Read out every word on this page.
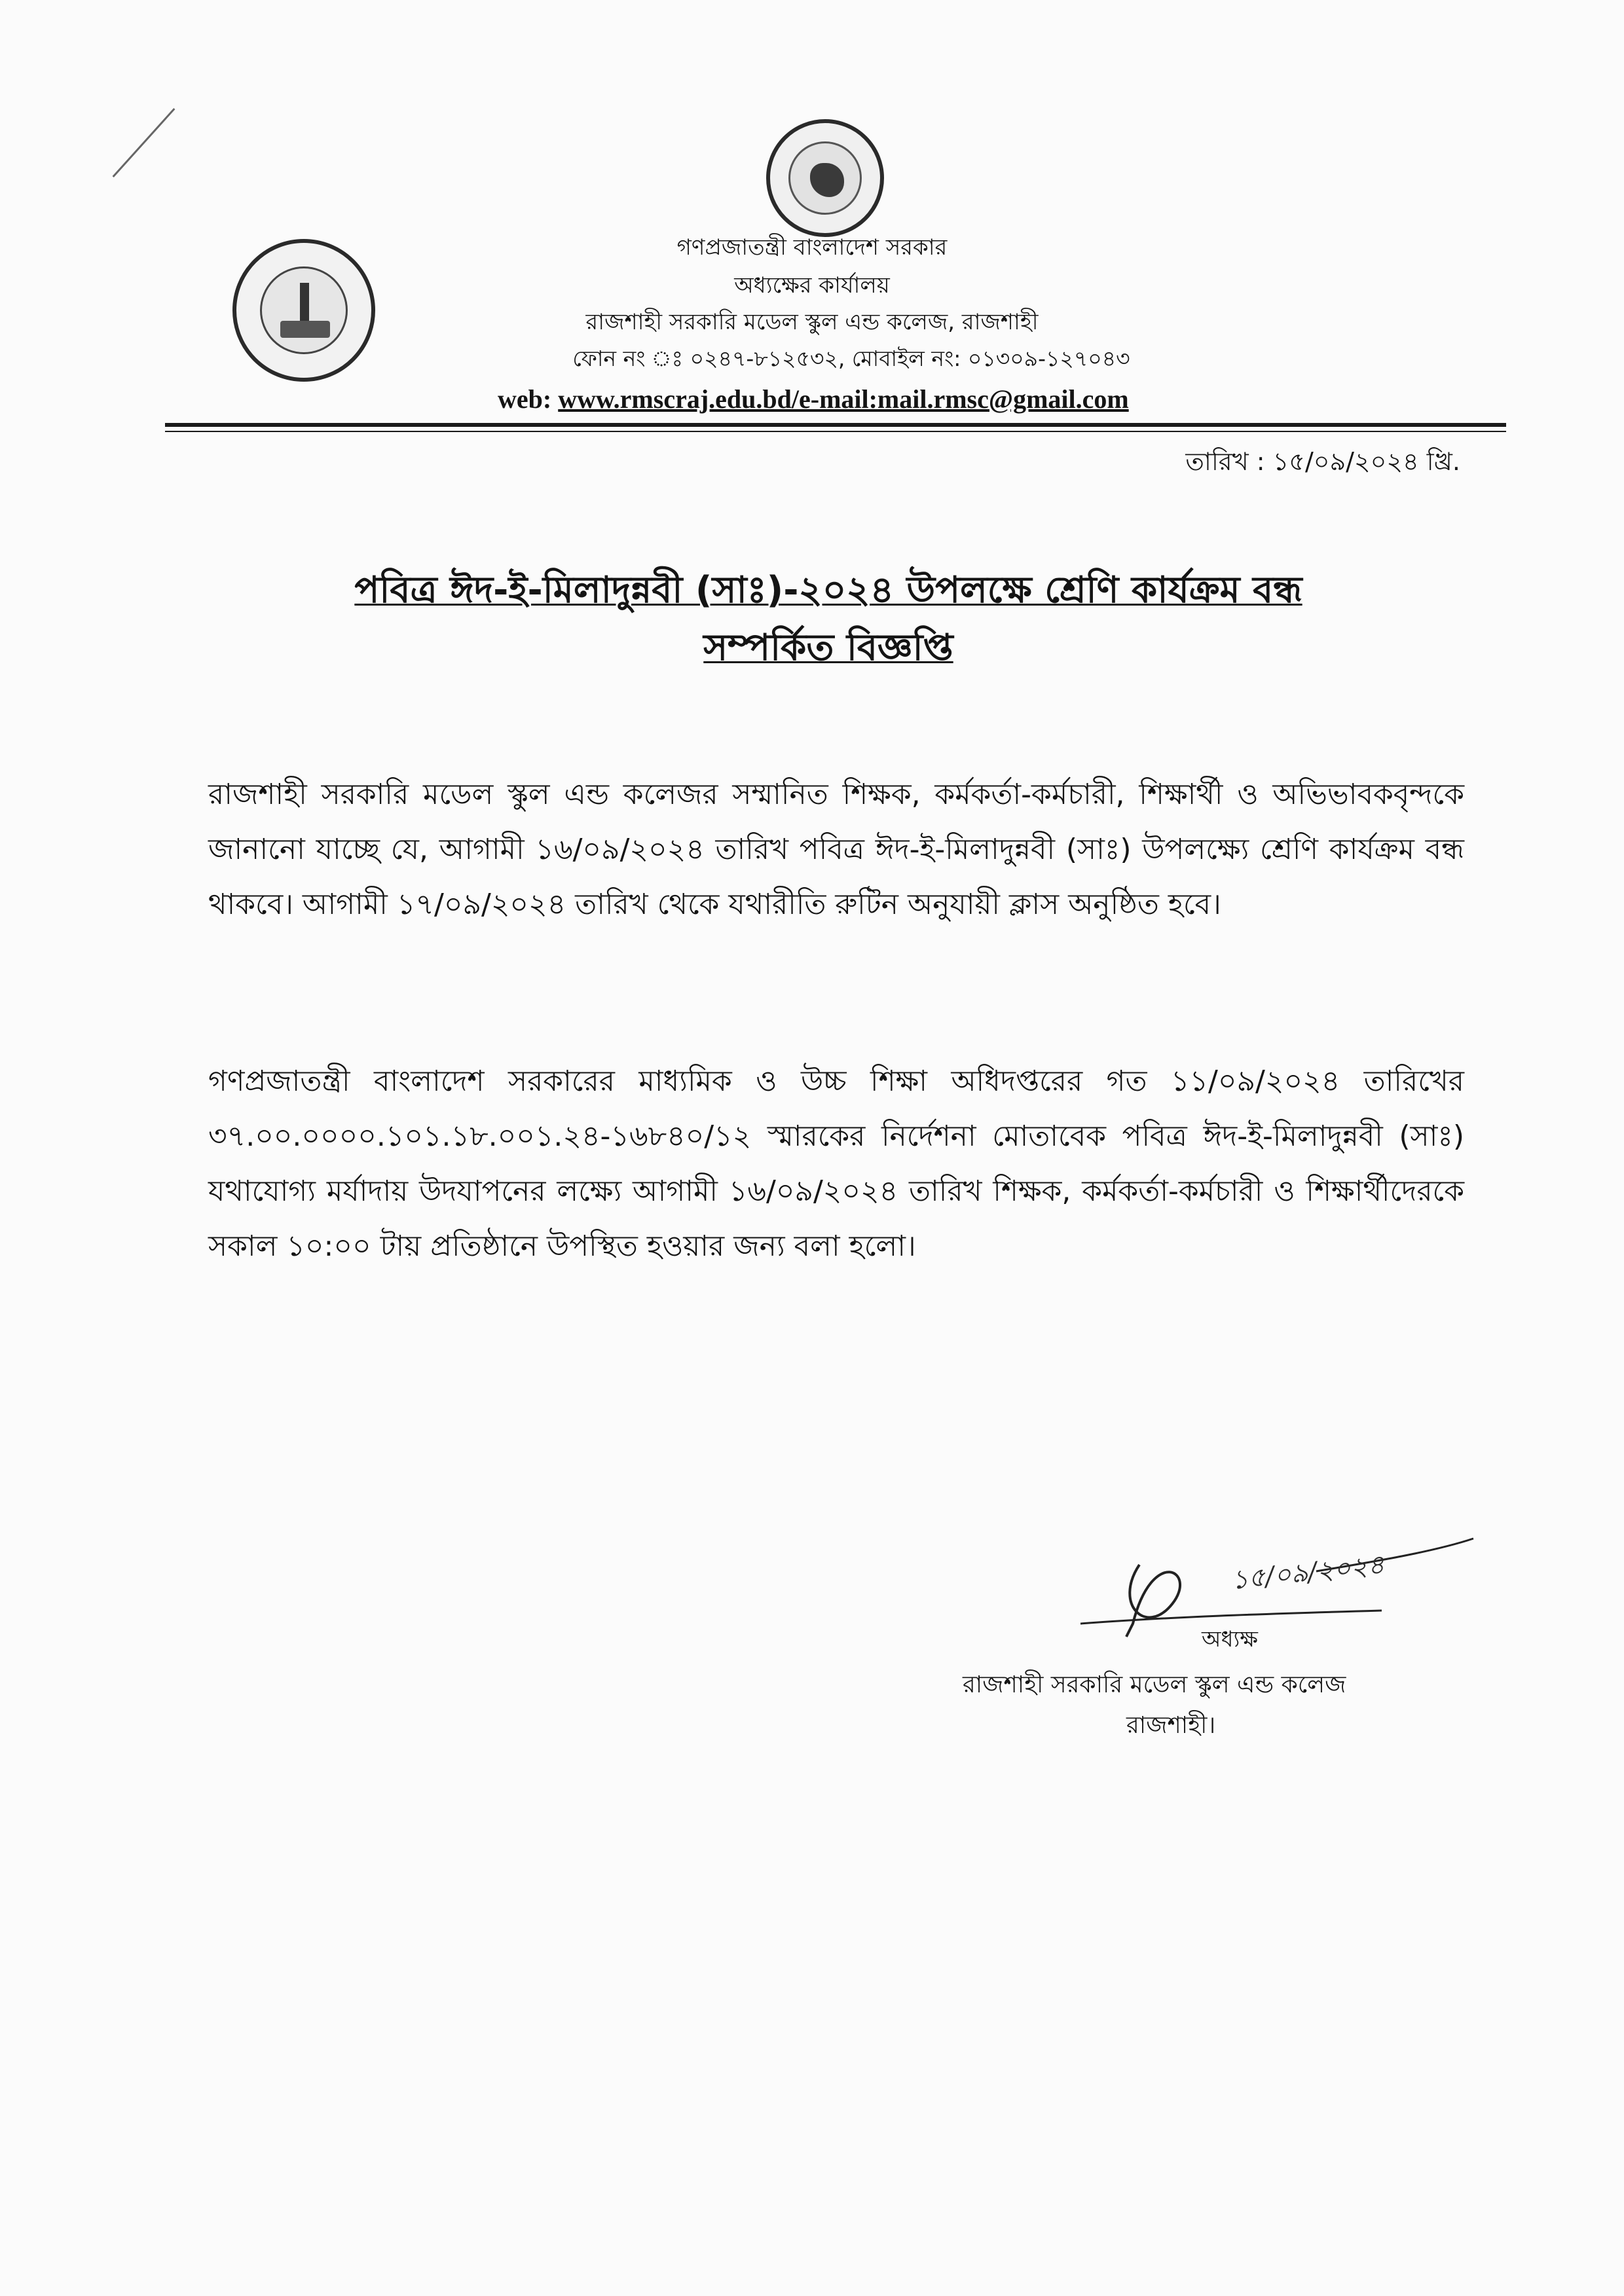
গণপ্রজাতন্ত্রী বাংলাদেশ সরকার
অধ্যক্ষের কার্যালয়
রাজশাহী সরকারি মডেল স্কুল এন্ড কলেজ, রাজশাহী
ফোন নং ঃ ০২৪৭-৮১২৫৩২, মোবাইল নং: ০১৩০৯-১২৭০৪৩
web: www.rmscraj.edu.bd/e-mail:mail.rmsc@gmail.com
তারিখ : ১৫/০৯/২০২৪ খ্রি.
পবিত্র ঈদ-ই-মিলাদুন্নবী (সাঃ)-২০২৪ উপলক্ষে শ্রেণি কার্যক্রম বন্ধ
সম্পর্কিত বিজ্ঞপ্তি
রাজশাহী সরকারি মডেল স্কুল এন্ড কলেজর সম্মানিত শিক্ষক, কর্মকর্তা-কর্মচারী, শিক্ষার্থী ও অভিভাবকবৃন্দকে জানানো যাচ্ছে যে, আগামী ১৬/০৯/২০২৪ তারিখ পবিত্র ঈদ-ই-মিলাদুন্নবী (সাঃ) উপলক্ষ্যে শ্রেণি কার্যক্রম বন্ধ থাকবে। আগামী ১৭/০৯/২০২৪ তারিখ থেকে যথারীতি রুটিন অনুযায়ী ক্লাস অনুষ্ঠিত হবে।
গণপ্রজাতন্ত্রী বাংলাদেশ সরকারের মাধ্যমিক ও উচ্চ শিক্ষা অধিদপ্তরের গত ১১/০৯/২০২৪ তারিখের ৩৭.০০.০০০০.১০১.১৮.০০১.২৪-১৬৮৪০/১২ স্মারকের নির্দেশনা মোতাবেক পবিত্র ঈদ-ই-মিলাদুন্নবী (সাঃ) যথাযোগ্য মর্যাদায় উদযাপনের লক্ষ্যে আগামী ১৬/০৯/২০২৪ তারিখ শিক্ষক, কর্মকর্তা-কর্মচারী ও শিক্ষার্থীদেরকে সকাল ১০:০০ টায় প্রতিষ্ঠানে উপস্থিত হওয়ার জন্য বলা হলো।
১৫/০৯/২০২৪
অধ্যক্ষ
রাজশাহী সরকারি মডেল স্কুল এন্ড কলেজ
রাজশাহী।
